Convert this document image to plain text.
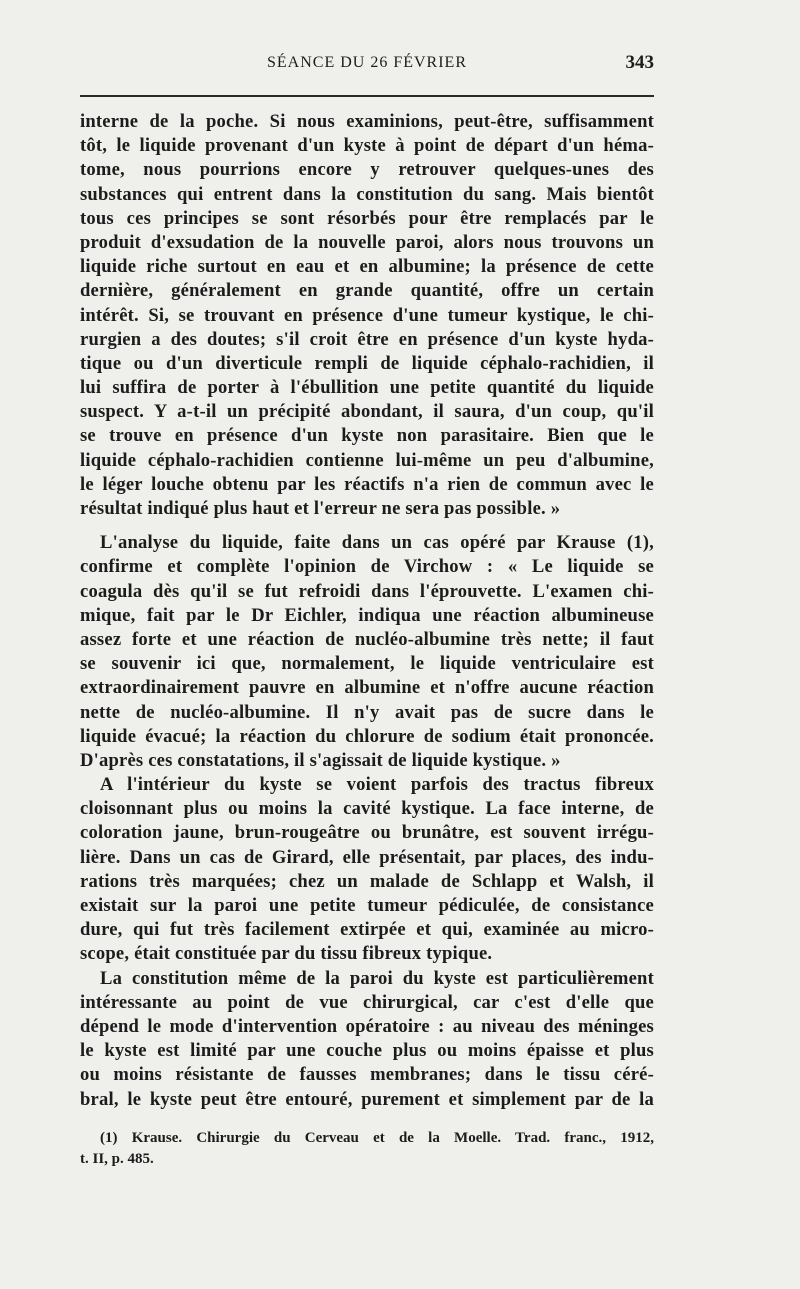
SÉANCE DU 26 FÉVRIER	343
interne de la poche. Si nous examinions, peut-être, suffisamment
tôt, le liquide provenant d'un kyste à point de départ d'un héma-
tome, nous pourrions encore y retrouver quelques-unes des
substances qui entrent dans la constitution du sang. Mais bientôt
tous ces principes se sont résorbés pour être remplacés par le
produit d'exsudation de la nouvelle paroi, alors nous trouvons un
liquide riche surtout en eau et en albumine; la présence de cette
dernière, généralement en grande quantité, offre un certain
intérêt. Si, se trouvant en présence d'une tumeur kystique, le chi-
rurgien a des doutes; s'il croit être en présence d'un kyste hyda-
tique ou d'un diverticule rempli de liquide céphalo-rachidien, il
lui suffira de porter à l'ébullition une petite quantité du liquide
suspect. Y a-t-il un précipité abondant, il saura, d'un coup, qu'il
se trouve en présence d'un kyste non parasitaire. Bien que le
liquide céphalo-rachidien contienne lui-même un peu d'albumine,
le léger louche obtenu par les réactifs n'a rien de commun avec le
résultat indiqué plus haut et l'erreur ne sera pas possible. »
L'analyse du liquide, faite dans un cas opéré par Krause (1),
confirme et complète l'opinion de Virchow : « Le liquide se
coagula dès qu'il se fut refroidi dans l'éprouvette. L'examen chi-
mique, fait par le Dr Eichler, indiqua une réaction albumineuse
assez forte et une réaction de nucléo-albumine très nette; il faut
se souvenir ici que, normalement, le liquide ventriculaire est
extraordinairement pauvre en albumine et n'offre aucune réaction
nette de nucléo-albumine. Il n'y avait pas de sucre dans le
liquide évacué; la réaction du chlorure de sodium était prononcée.
D'après ces constatations, il s'agissait de liquide kystique. »
A l'intérieur du kyste se voient parfois des tractus fibreux
cloisonnant plus ou moins la cavité kystique. La face interne, de
coloration jaune, brun-rougeâtre ou brunâtre, est souvent irrégu-
lière. Dans un cas de Girard, elle présentait, par places, des indu-
rations très marquées; chez un malade de Schlapp et Walsh, il
existait sur la paroi une petite tumeur pédiculée, de consistance
dure, qui fut très facilement extirpée et qui, examinée au micro-
scope, était constituée par du tissu fibreux typique.
La constitution même de la paroi du kyste est particulièrement
intéressante au point de vue chirurgical, car c'est d'elle que
dépend le mode d'intervention opératoire : au niveau des méninges
le kyste est limité par une couche plus ou moins épaisse et plus
ou moins résistante de fausses membranes; dans le tissu céré-
bral, le kyste peut être entouré, purement et simplement par de la
(1) Krause. Chirurgie du Cerveau et de la Moelle. Trad. franc., 1912,
t. II, p. 485.
